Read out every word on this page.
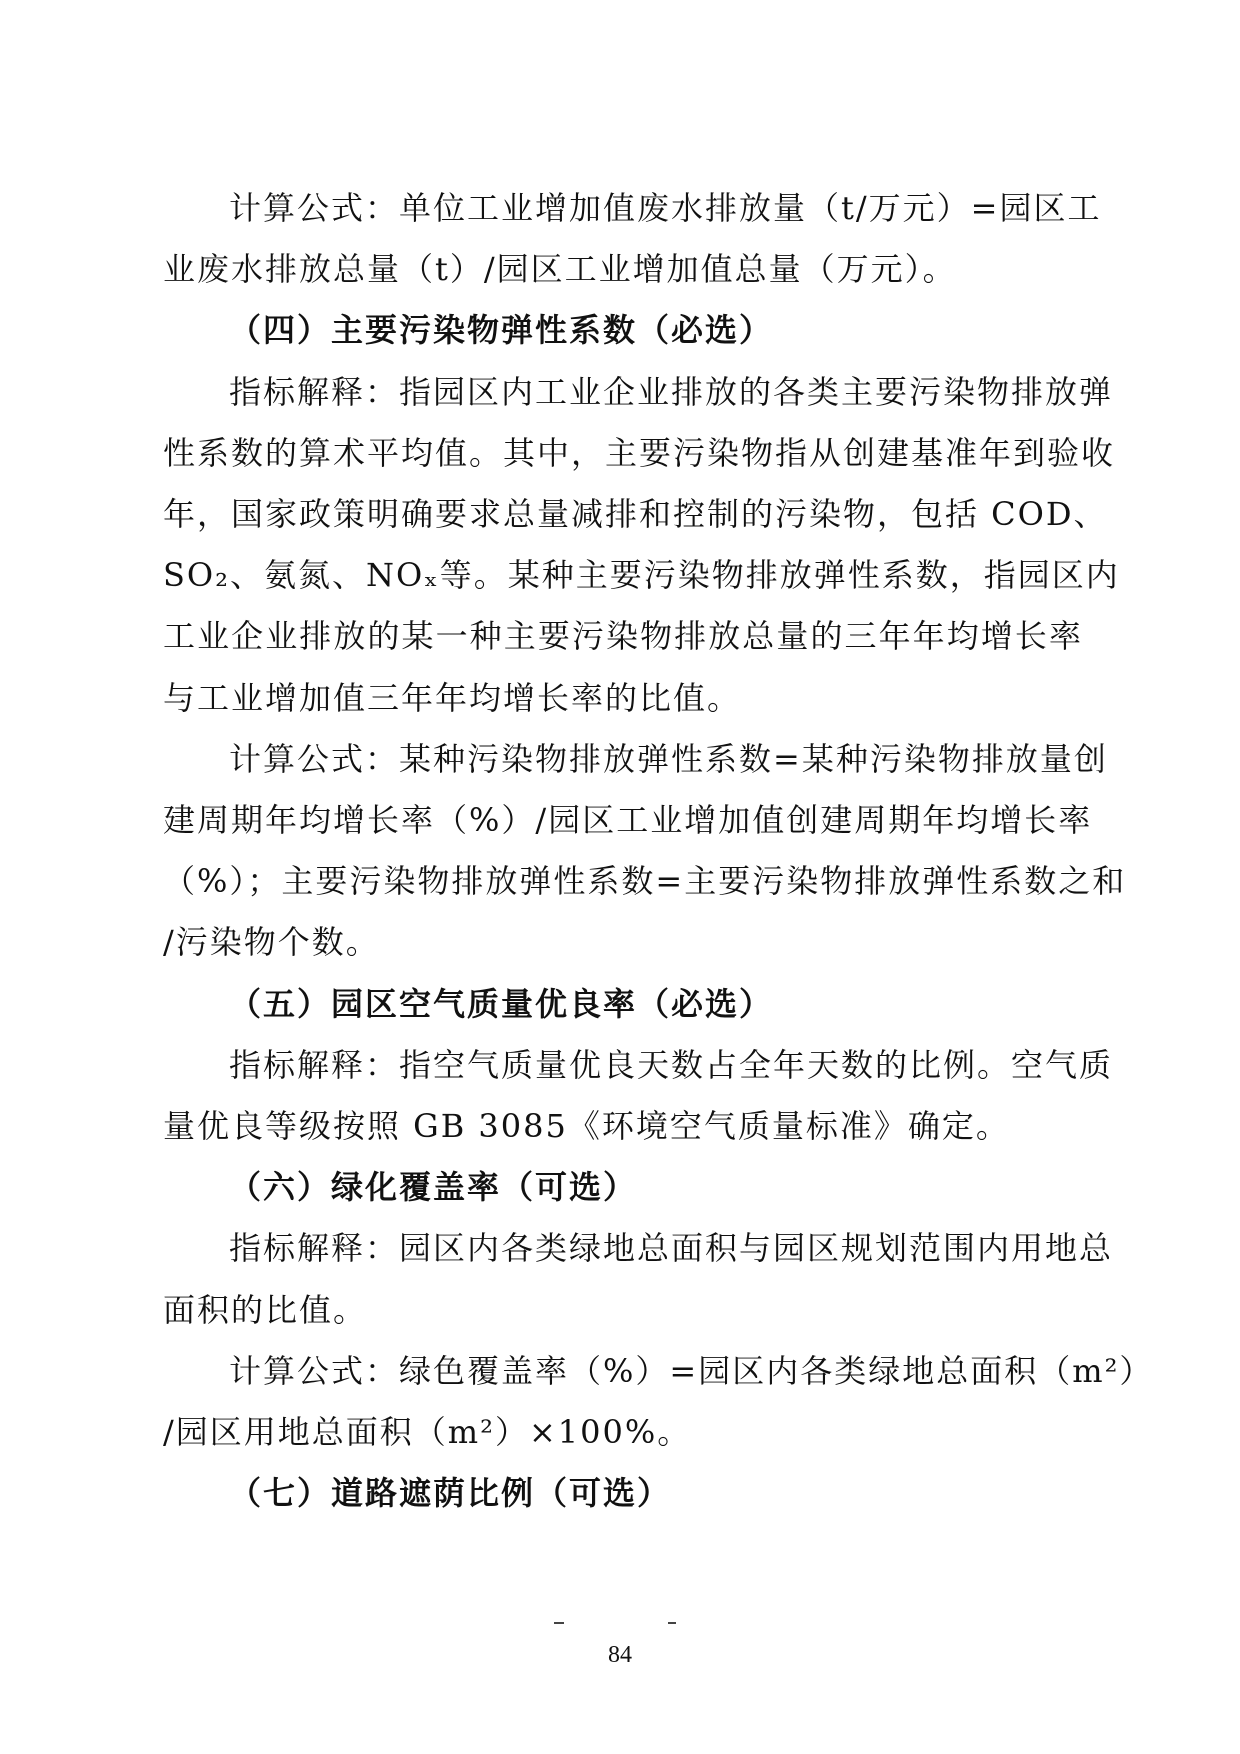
计算公式：单位工业增加值废水排放量（t/万元）=园区工
业废水排放总量（t）/园区工业增加值总量（万元）。
（四）主要污染物弹性系数（必选）
指标解释：指园区内工业企业排放的各类主要污染物排放弹
性系数的算术平均值。其中，主要污染物指从创建基准年到验收
年，国家政策明确要求总量减排和控制的污染物，包括 COD、
SO₂、氨氮、NOₓ等。某种主要污染物排放弹性系数，指园区内
工业企业排放的某一种主要污染物排放总量的三年年均增长率
与工业增加值三年年均增长率的比值。
计算公式：某种污染物排放弹性系数=某种污染物排放量创
建周期年均增长率（%）/园区工业增加值创建周期年均增长率
（%）；主要污染物排放弹性系数=主要污染物排放弹性系数之和
/污染物个数。
（五）园区空气质量优良率（必选）
指标解释：指空气质量优良天数占全年天数的比例。空气质
量优良等级按照 GB 3085《环境空气质量标准》确定。
（六）绿化覆盖率（可选）
指标解释：园区内各类绿地总面积与园区规划范围内用地总
面积的比值。
计算公式：绿色覆盖率（%）=园区内各类绿地总面积（m²）
/园区用地总面积（m²）×100%。
（七）道路遮荫比例（可选）
84
